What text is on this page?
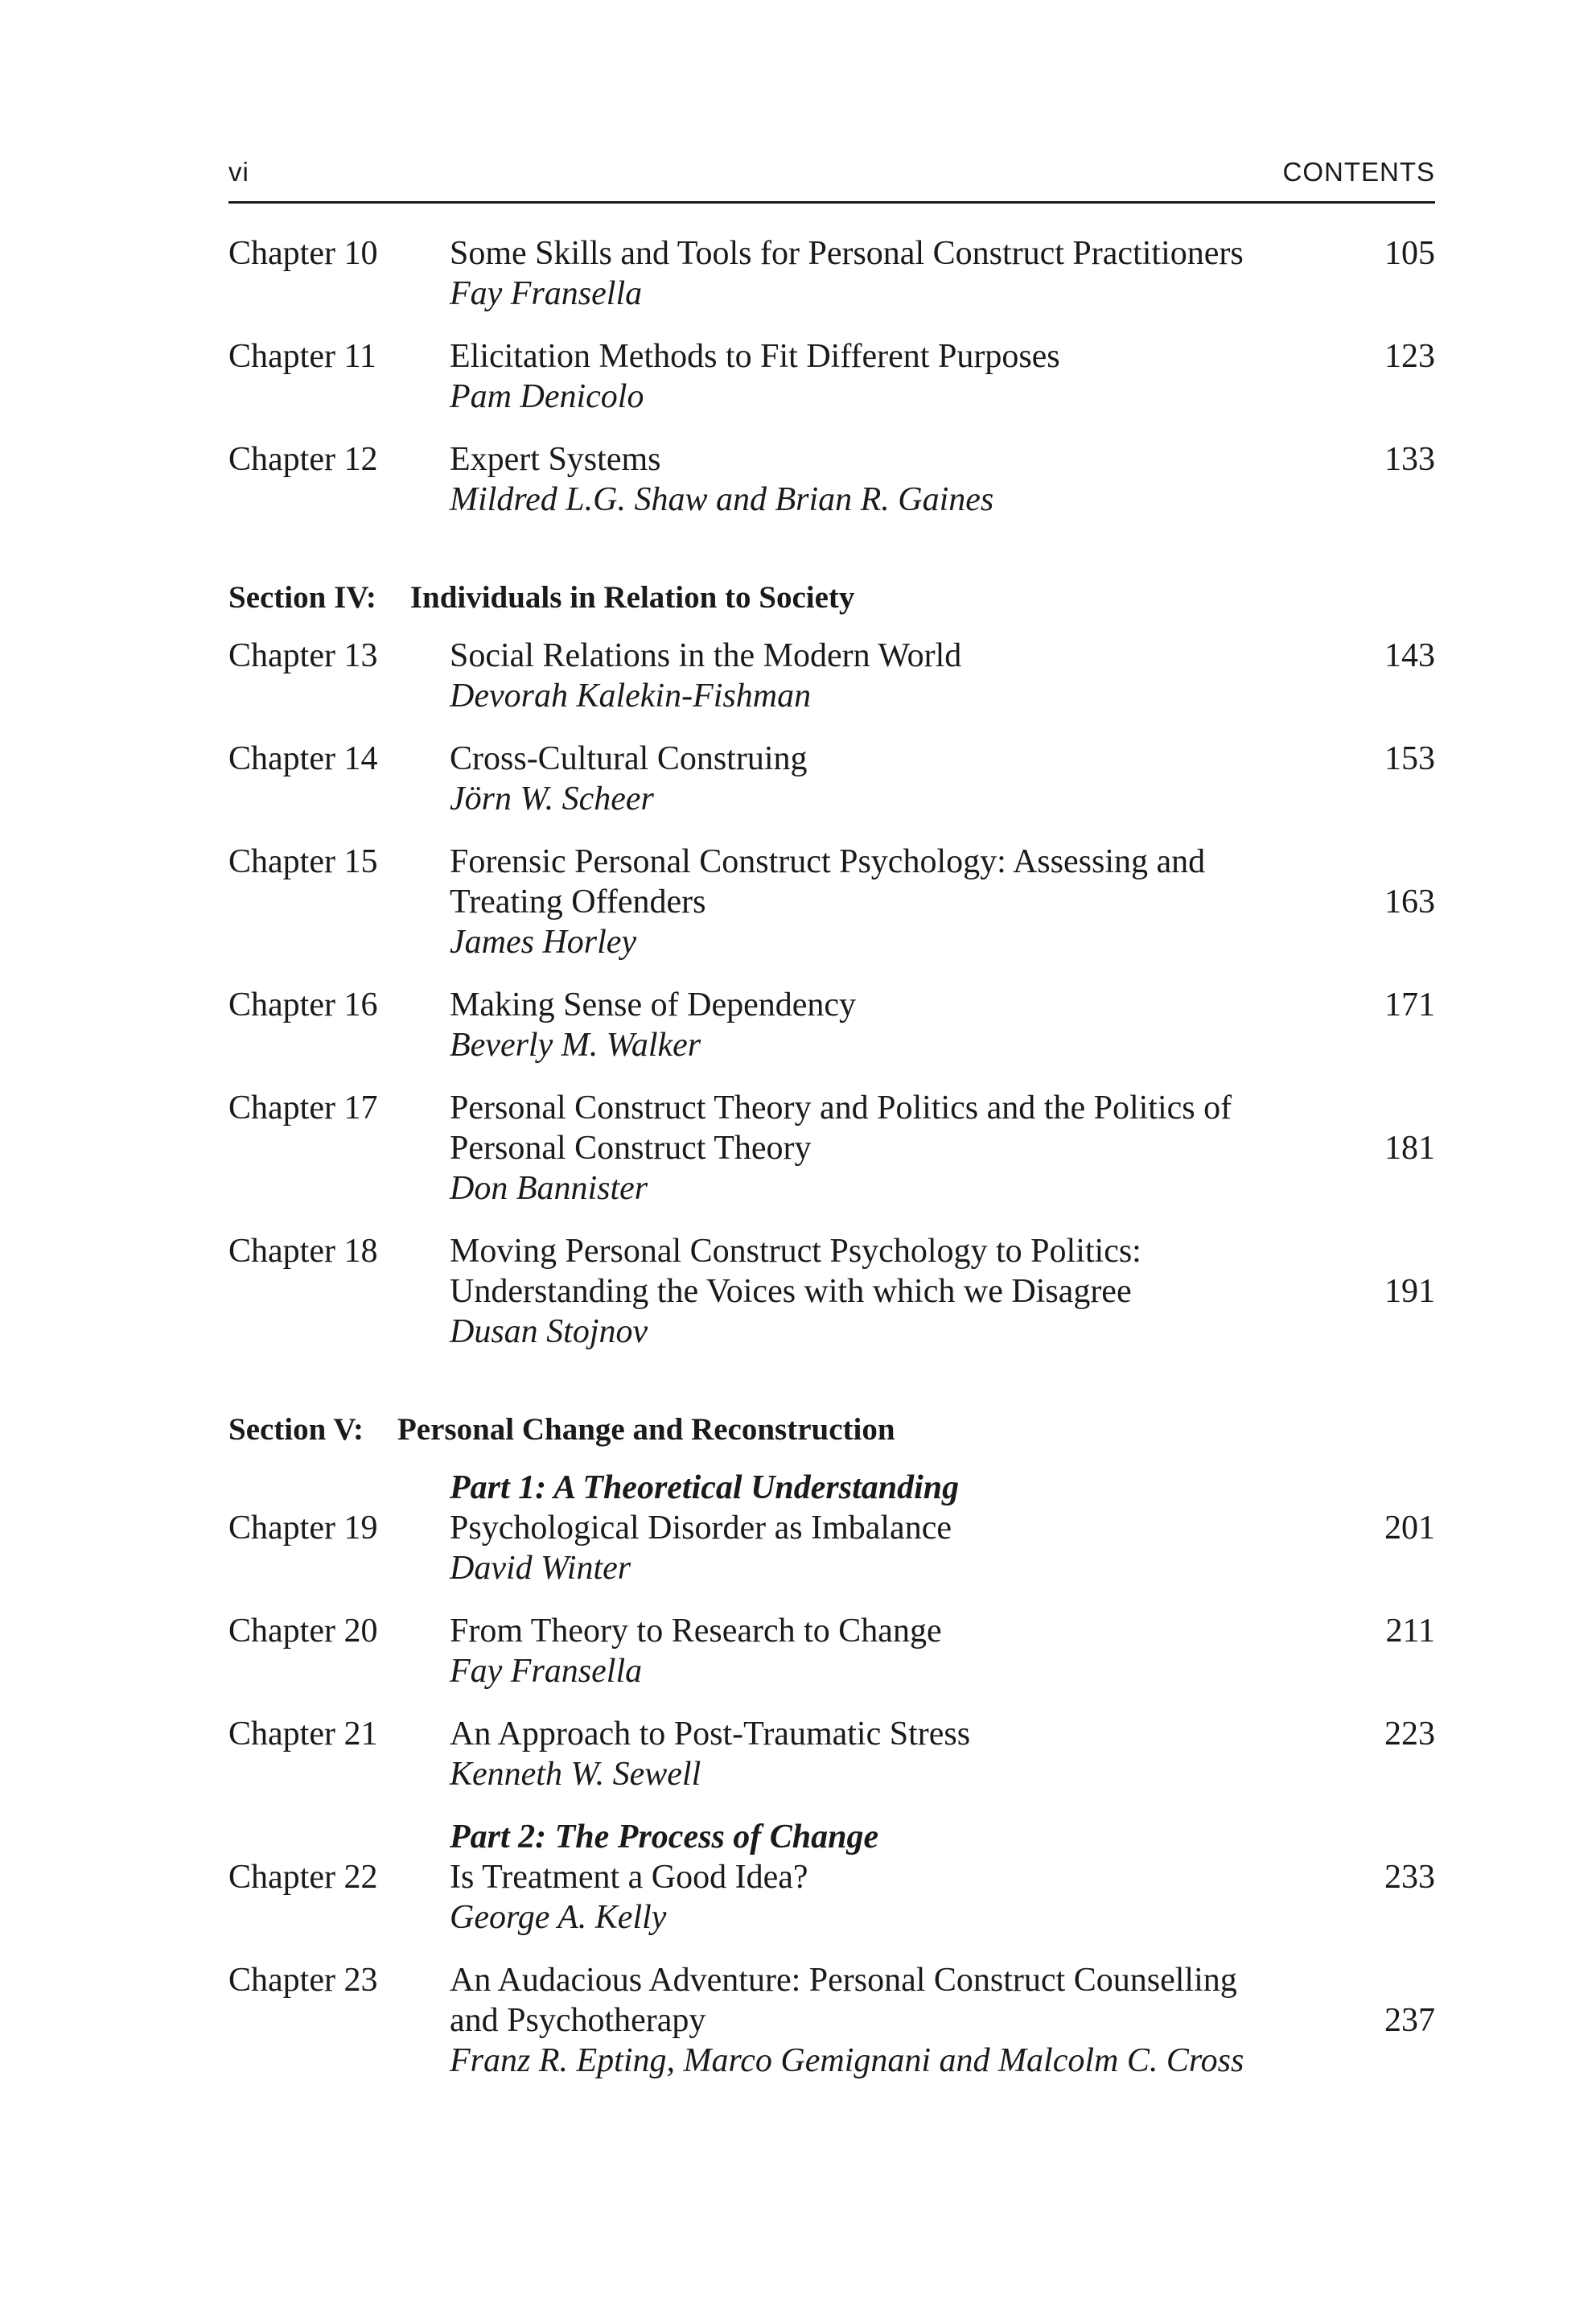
vi	CONTENTS
Chapter 10 Some Skills and Tools for Personal Construct Practitioners
Fay Fransella
105
Chapter 11 Elicitation Methods to Fit Different Purposes
Pam Denicolo
123
Chapter 12 Expert Systems
Mildred L.G. Shaw and Brian R. Gaines
133
Section IV: Individuals in Relation to Society
Chapter 13 Social Relations in the Modern World
Devorah Kalekin-Fishman
143
Chapter 14 Cross-Cultural Construing
Jörn W. Scheer
153
Chapter 15 Forensic Personal Construct Psychology: Assessing and
Treating Offenders
James Horley
163
Chapter 16 Making Sense of Dependency
Beverly M. Walker
171
Chapter 17 Personal Construct Theory and Politics and the Politics of
Personal Construct Theory
Don Bannister
181
Chapter 18 Moving Personal Construct Psychology to Politics:
Understanding the Voices with which we Disagree
Dusan Stojnov
191
Section V: Personal Change and Reconstruction
Chapter 19
Part 1: A Theoretical Understanding
Psychological Disorder as Imbalance
David Winter
201
Chapter 20 From Theory to Research to Change
Fay Fransella
211
Chapter 21 An Approach to Post-Traumatic Stress
Kenneth W. Sewell
223
Chapter 22
Part 2: The Process of Change
Is Treatment a Good Idea?
George A. Kelly
233
Chapter 23 An Audacious Adventure: Personal Construct Counselling
and Psychotherapy
Franz R. Epting, Marco Gemignani and Malcolm C. Cross
237
